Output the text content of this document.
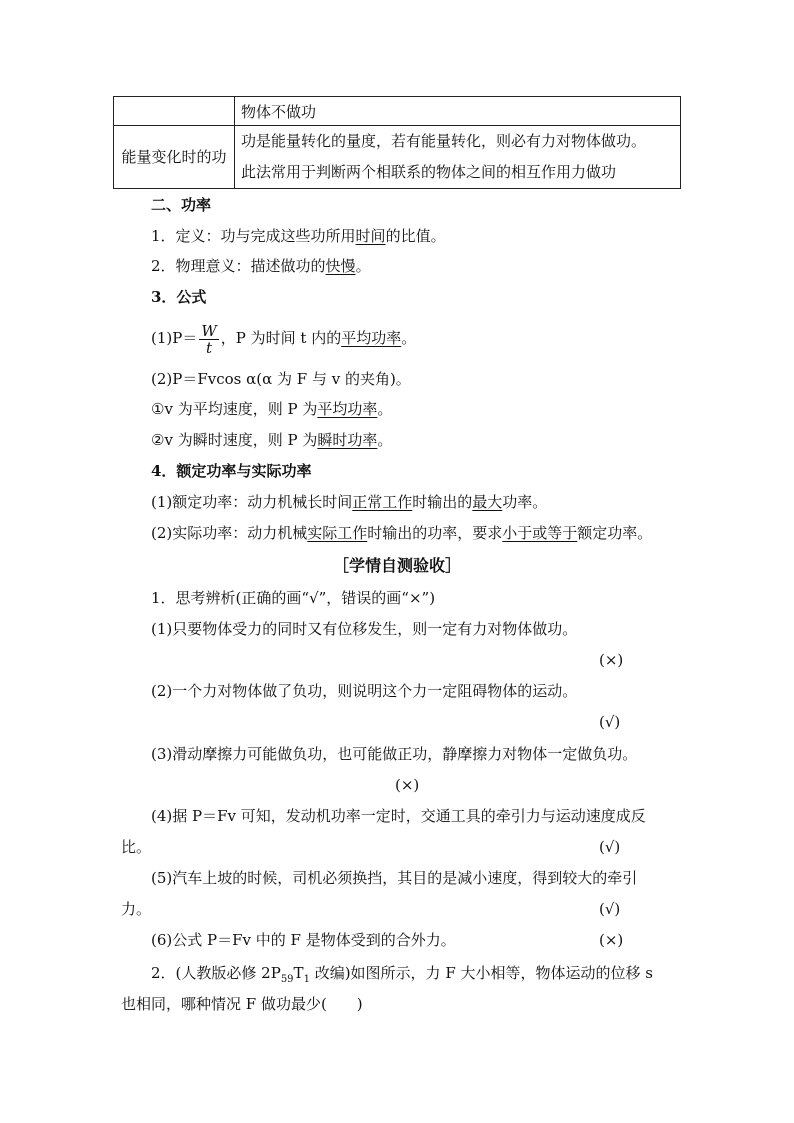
	物体不做功
能量变化时的功	功是能量转化的量度，若有能量转化，则必有力对物体做功。
此法常用于判断两个相联系的物体之间的相互作用力做功
二、功率
1．定义：功与完成这些功所用时间的比值。
2．物理意义：描述做功的快慢。
3．公式
$(1)P= \frac{W}{t}$ ，P 为时间 t 内的平均功率。
(2)P＝Fvcos α(α 为 F 与 v 的夹角)。
①v 为平均速度，则 P 为平均功率。
②v 为瞬时速度，则 P 为瞬时功率。
4．额定功率与实际功率
(1)额定功率：动力机械长时间正常工作时输出的最大功率。
(2)实际功率：动力机械实际工作时输出的功率，要求小于或等于额定功率。
［学情自测验收］
1．思考辨析(正确的画“√”，错误的画“×”)
(1)只要物体受力的同时又有位移发生，则一定有力对物体做功。
(×)
(2)一个力对物体做了负功，则说明这个力一定阻碍物体的运动。
(√)
(3)滑动摩擦力可能做负功，也可能做正功，静摩擦力对物体一定做负功。
(×)
(4)据 P＝Fv 可知，发动机功率一定时，交通工具的牵引力与运动速度成反
比。	(√)
(5)汽车上坡的时候，司机必须换挡，其目的是减小速度，得到较大的牵引
力。	(√)
(6)公式 P＝Fv 中的 F 是物体受到的合外力。	(×)
2．(人教版必修 $2P_{59}T_1$ 改编)如图所示，力 F 大小相等，物体运动的位移 s
也相同，哪种情况 F 做功最少(　　)
